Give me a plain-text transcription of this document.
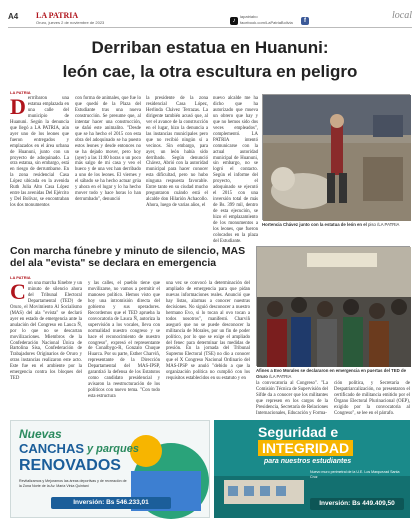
A4 LA PATRIA
Oruro, jueves 2 de noviembre de 2023	♪
lapatriabo
f
facebook.com/LaPatriaBolivia
local
Derriban estatua en Huanuni:
león cae, la otra escultura en peligro
LA PATRIA
Derrribaron una estatua emplazada en una calle del municipio de Huanuni. Según la denuncia que llegó a LA PATRIA, aún ayer uno de los leones que fueron entregados y emplazados en el área urbana de Huanuni, junto con un proyecto de adoquinado. La otra estatua, sin embargo, está en riesgo de derrumbarse. En la zona residencial Casa López ubicada en la avenida Ruth Julia Alto Casa López entre las avenidas Del Ejército y Del Bolívar, se encontraban los dos monumentos
con forma de animales, que fue lo que quedó de la Plaza del Estudiante tras una nueva construcción. Se presume que, al intentar hacer una construcción, se dañó este animalito. "Desde que se ha hecho el 2015 con esta obra del adoquinado se ha puesto estos leones y desde entonces no se ha dejado mover, pero hoy (ayer) a las 11:00 horas o un poco más salgo de mi casa y veo el hueco y de una vez han derribado a uno de los leones. El viernes y el sábado se ha hecho actuar grúa y ahora en el lugar y lo ha hecho mover todo y hace horas lo han derrumbado", denunció
la presidente de la zona residencial Casa López, Herlinda Chávez Terrazas. La dirigente también acusó que, al ver el avance de la construcción en el lugar, hizo la denuncia a las instancias municipales pero que no recibió ningún sí a vecinos. Sin embargo, para ayer, un león había sido derribado. Según denunció Chávez, Abrió con la autoridad municipal para hacer conocer esta dificultad, pero no hubo ninguna respuesta favorable. Entre tanto en su ciudad mucho preguntaron cuándo está el alcalde don Hilarión Achacollo. Ahora, luego de varias años, el
nuevo alcalde me ha dicho que ha autorizado que mueva un obrero que hay y que no hemos sido dos veces empleados", complementó. LA PATRIA intentó comunicarse con la actual autoridad municipal de Huanuni, sin embargo, no se logró el contacto. Según el informe del proyecto, el adoquinado se ejecutó el 2015 con una inversión total de más de Bs. 399 mil, dentro de esta ejecución, se hizo el emplazamiento de los monumentos a los leones, que fueron colocados en la plaza del Estudiante.
Hortencia Chávez junto con la estatua de león en el piso /LA PATRIA
Con marcha fúnebre y minuto de silencio, MAS
del ala "evista" se declara en emergencia
LA PATRIA
Con una marcha fúnebre y un minuto de silencio ahora del Tribunal Electoral Departamental (TED) de Oruro, el Movimiento Al Socialismo (MAS) del ala "evista" se declaró ayer en estado de emergencia ante la anulación del Congreso en Lauca Ñ, por lo que no se descartan movilizaciones. Miembros de la Confederación Nacional Única de Bartolina Sisa, Confederación de Trabajadores Originarios de Oruro y otras instancias realizaron este acto. Este fue en el ambiente por la emergencia contra los bloques del TED
y las calles, el pueblo tiene que movilizarse, no vamos a permitir el manoseo político. Hemos visto que hoy una intromisión directa del gobierno y sus operadores. Recordemos que el TED aprueba la convocatoria de Lauca Ñ, autoriza la supervisión a los vocales, lleva con normalidad nuestro congreso y se hace el reconocimiento de nuestro congreso", expresó el representante de Conalbygo-R, Gonzalo Chuque Huarca. Por su parte, Esther Charviñ, representante de la Dirección Departamental del MAS-IPSP, garantizó la defensa de los Estatutos como candidato presidencial y avisaron la reestructuración de los políticos con nuevo tema. "Con todo esta estructura
una vez se convocó la determinación del ampliado de emergencia para que pidan nuevas informaciones reales. Anunció que hay listas, alarmas a conocer nuestras decisiones. No siguió desconocer a nuestro hermano Evo, si lo tocan al ovo tocan a todos nosotros", manifestó. Charviñ aseguró que no se puede desconocer la militancia de Morales, por un fin de poder político, por lo que se exige el ampliado del fenec para determinar las medidas de presión. En la jornada del Tribunal Supremo Electoral (TSE) no dio a conocer que el X Congreso Nacional Ordinario del MAS-IPSP se anuló "debido a que la organización política no cumplió con los requisitos establecidos en su estatuto y en
Afines a Evo Morales se declararon en emergencia en puertas del TED de Oruro /LA PATRIA
la convocatoria al Congreso". "La Comisión Técnica de Supervisión del Sifde da a conocer que los militantes que represen en los cargos de la Presidencia, Secretaría de Relaciones Internacionales, Educación y Forma-
ción política, y Secretaría de Despatriarcalización, no presentaron el certificado de militancia emitido por el Órgano Electoral Plurinacional (OEP), exigido por la convocatoria al Congreso", se lee en el párrafo.
Nuevas
CANCHAS y parques
RENOVADOS
Revitalizamos y Mejoramos las áreas deportivas y de recreación de la Zona Norte de la Av. María Vinia Quintani
Inversión: Bs 546.233,01
Seguridad e
INTEGRIDAD
para nuestros estudiantes
Nuevo muro perimetral de la U.E. Los Marquezad Santa Cruz
Inversión: Bs 449.409,50
